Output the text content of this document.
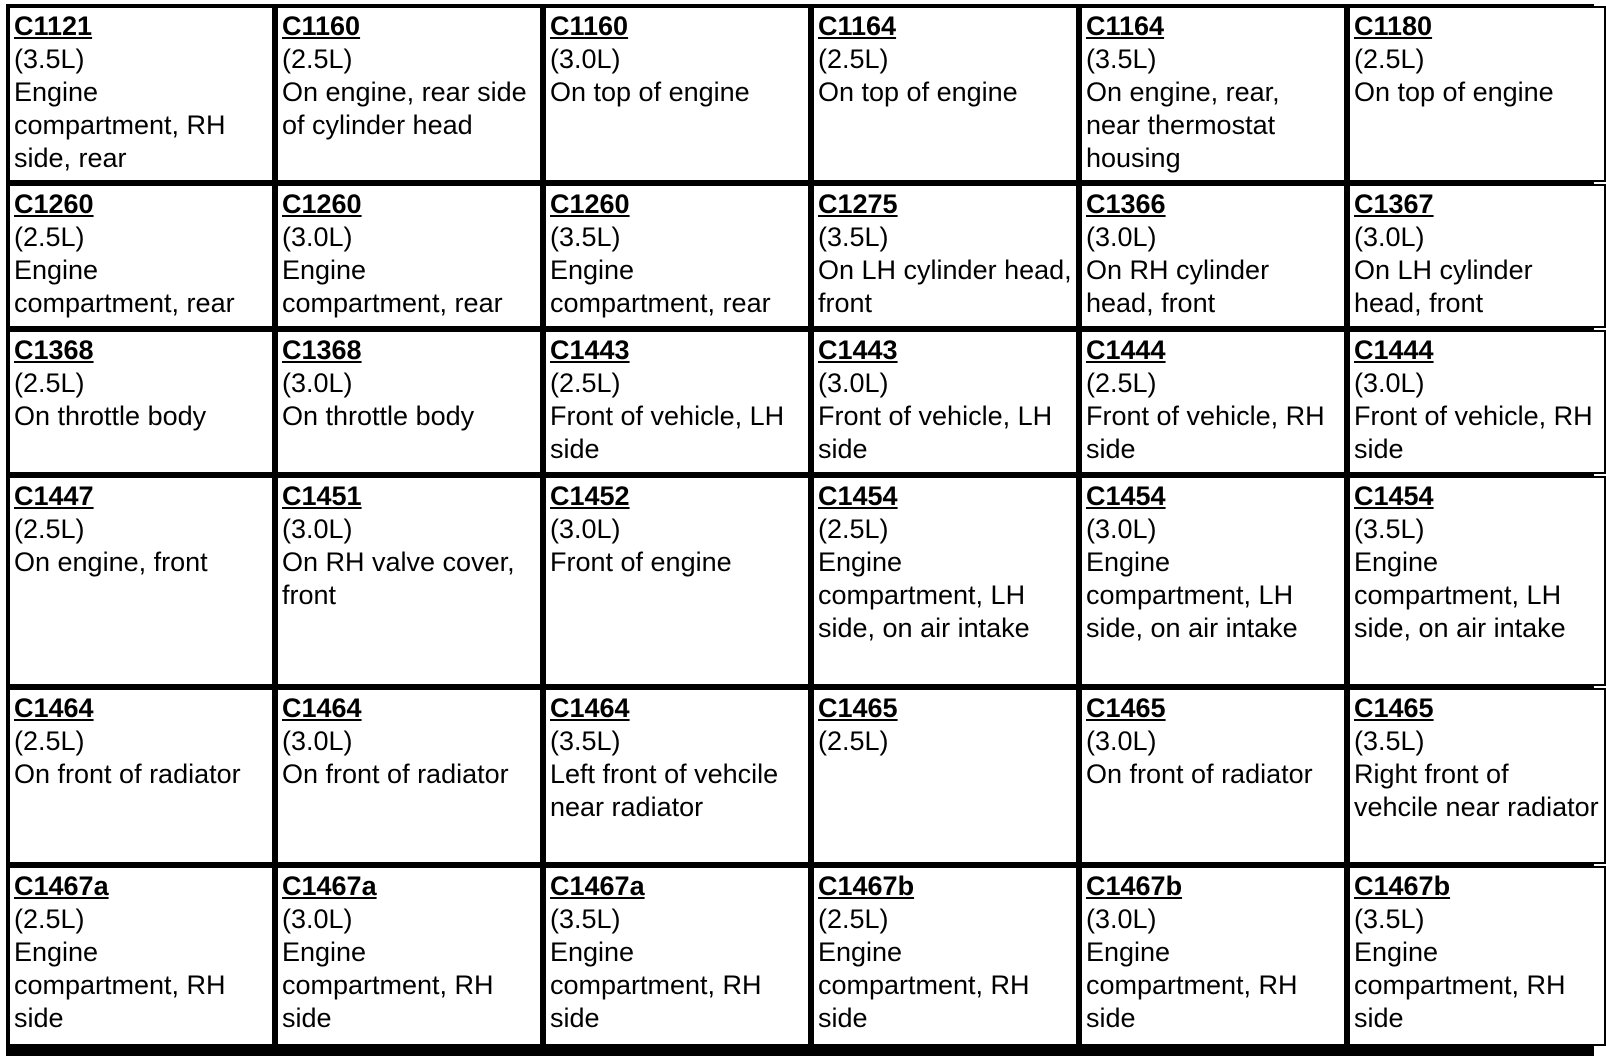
C1121
(3.5L)
Engine compartment, RH side, rear
C1160
(2.5L)
On engine, rear side of cylinder head
C1160
(3.0L)
On top of engine
C1164
(2.5L)
On top of engine
C1164
(3.5L)
On engine, rear, near thermostat housing
C1180
(2.5L)
On top of engine
C1260
(2.5L)
Engine compartment, rear
C1260
(3.0L)
Engine compartment, rear
C1260
(3.5L)
Engine compartment, rear
C1275
(3.5L)
On LH cylinder head, front
C1366
(3.0L)
On RH cylinder head, front
C1367
(3.0L)
On LH cylinder head, front
C1368
(2.5L)
On throttle body
C1368
(3.0L)
On throttle body
C1443
(2.5L)
Front of vehicle, LH side
C1443
(3.0L)
Front of vehicle, LH side
C1444
(2.5L)
Front of vehicle, RH side
C1444
(3.0L)
Front of vehicle, RH side
C1447
(2.5L)
On engine, front
C1451
(3.0L)
On RH valve cover, front
C1452
(3.0L)
Front of engine
C1454
(2.5L)
Engine compartment, LH side, on air intake
C1454
(3.0L)
Engine compartment, LH side, on air intake
C1454
(3.5L)
Engine compartment, LH side, on air intake
C1464
(2.5L)
On front of radiator
C1464
(3.0L)
On front of radiator
C1464
(3.5L)
Left front of vehcile near radiator
C1465
(2.5L)
C1465
(3.0L)
On front of radiator
C1465
(3.5L)
Right front of vehcile near radiator
C1467a
(2.5L)
Engine compartment, RH side
C1467a
(3.0L)
Engine compartment, RH side
C1467a
(3.5L)
Engine compartment, RH side
C1467b
(2.5L)
Engine compartment, RH side
C1467b
(3.0L)
Engine compartment, RH side
C1467b
(3.5L)
Engine compartment, RH side
